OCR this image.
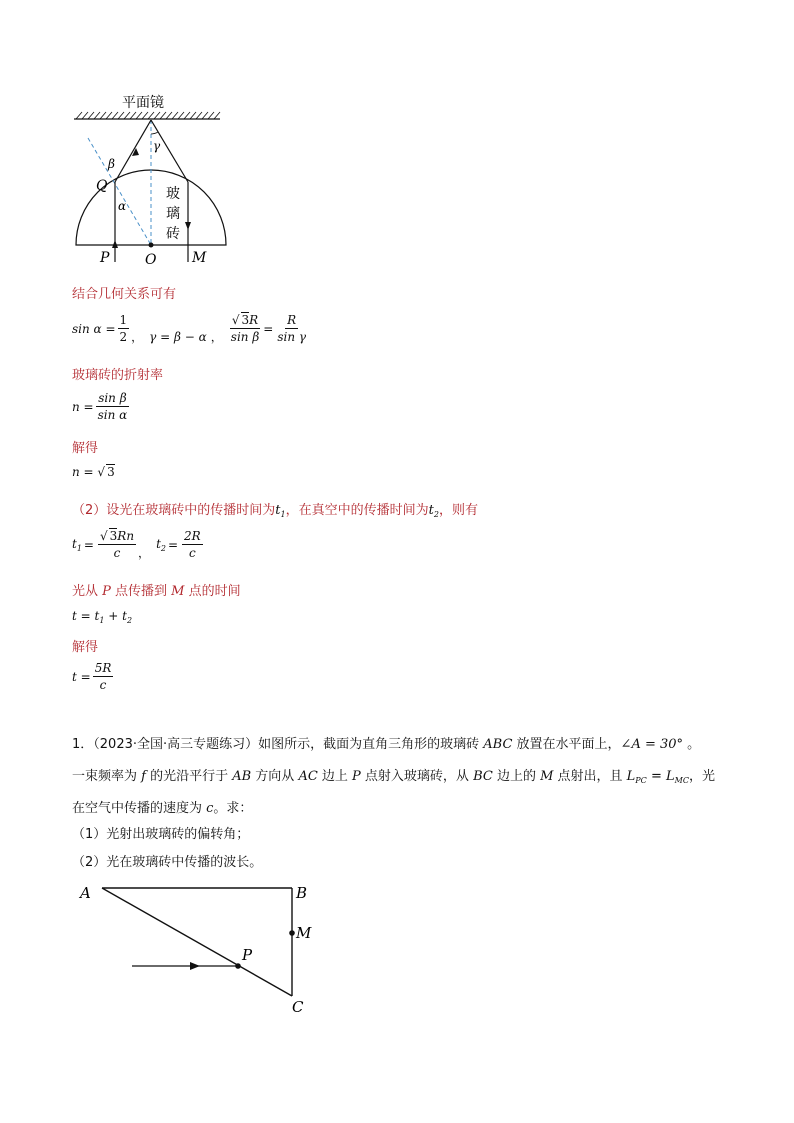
平面镜
Q
β
γ
α
玻
璃
砖
P	O	M
结合几何关系可有
$\sin \alpha = \frac{1}{2}$ ， γ = β − α ， $\frac{√ 3R}{\text{sin β}} = \frac{R}{\text{sin γ}}$
玻璃砖的折射率
$n = \frac{\text{sin β}}{\text{sin α}}$
解得
n = √ 3
（2）设光在玻璃砖中的传播时间为$t_1$，在真空中的传播时间为$t_2$，则有
$t_1 = \frac{√ 3Rn}{c}$ ，
$t_2 = \frac{2R}{c}$
光从 P 点传播到 M 点的时间
$t = t_1 + t_2$
解得
$t = \frac{5R}{c}$
1．（2023·全国·高三专题练习）如图所示，截面为直角三角形的玻璃砖 ABC 放置在水平面上，∠A = 30° 。
一束频率为 f 的光沿平行于 AB 方向从 AC 边上 P 点射入玻璃砖，从 BC 边上的 M 点射出，且 $L_{PC} = L_{MC}$，光
在空气中传播的速度为 c。求：
（1）光射出玻璃砖的偏转角；
（2）光在玻璃砖中传播的波长。
A	B
M
P
C
